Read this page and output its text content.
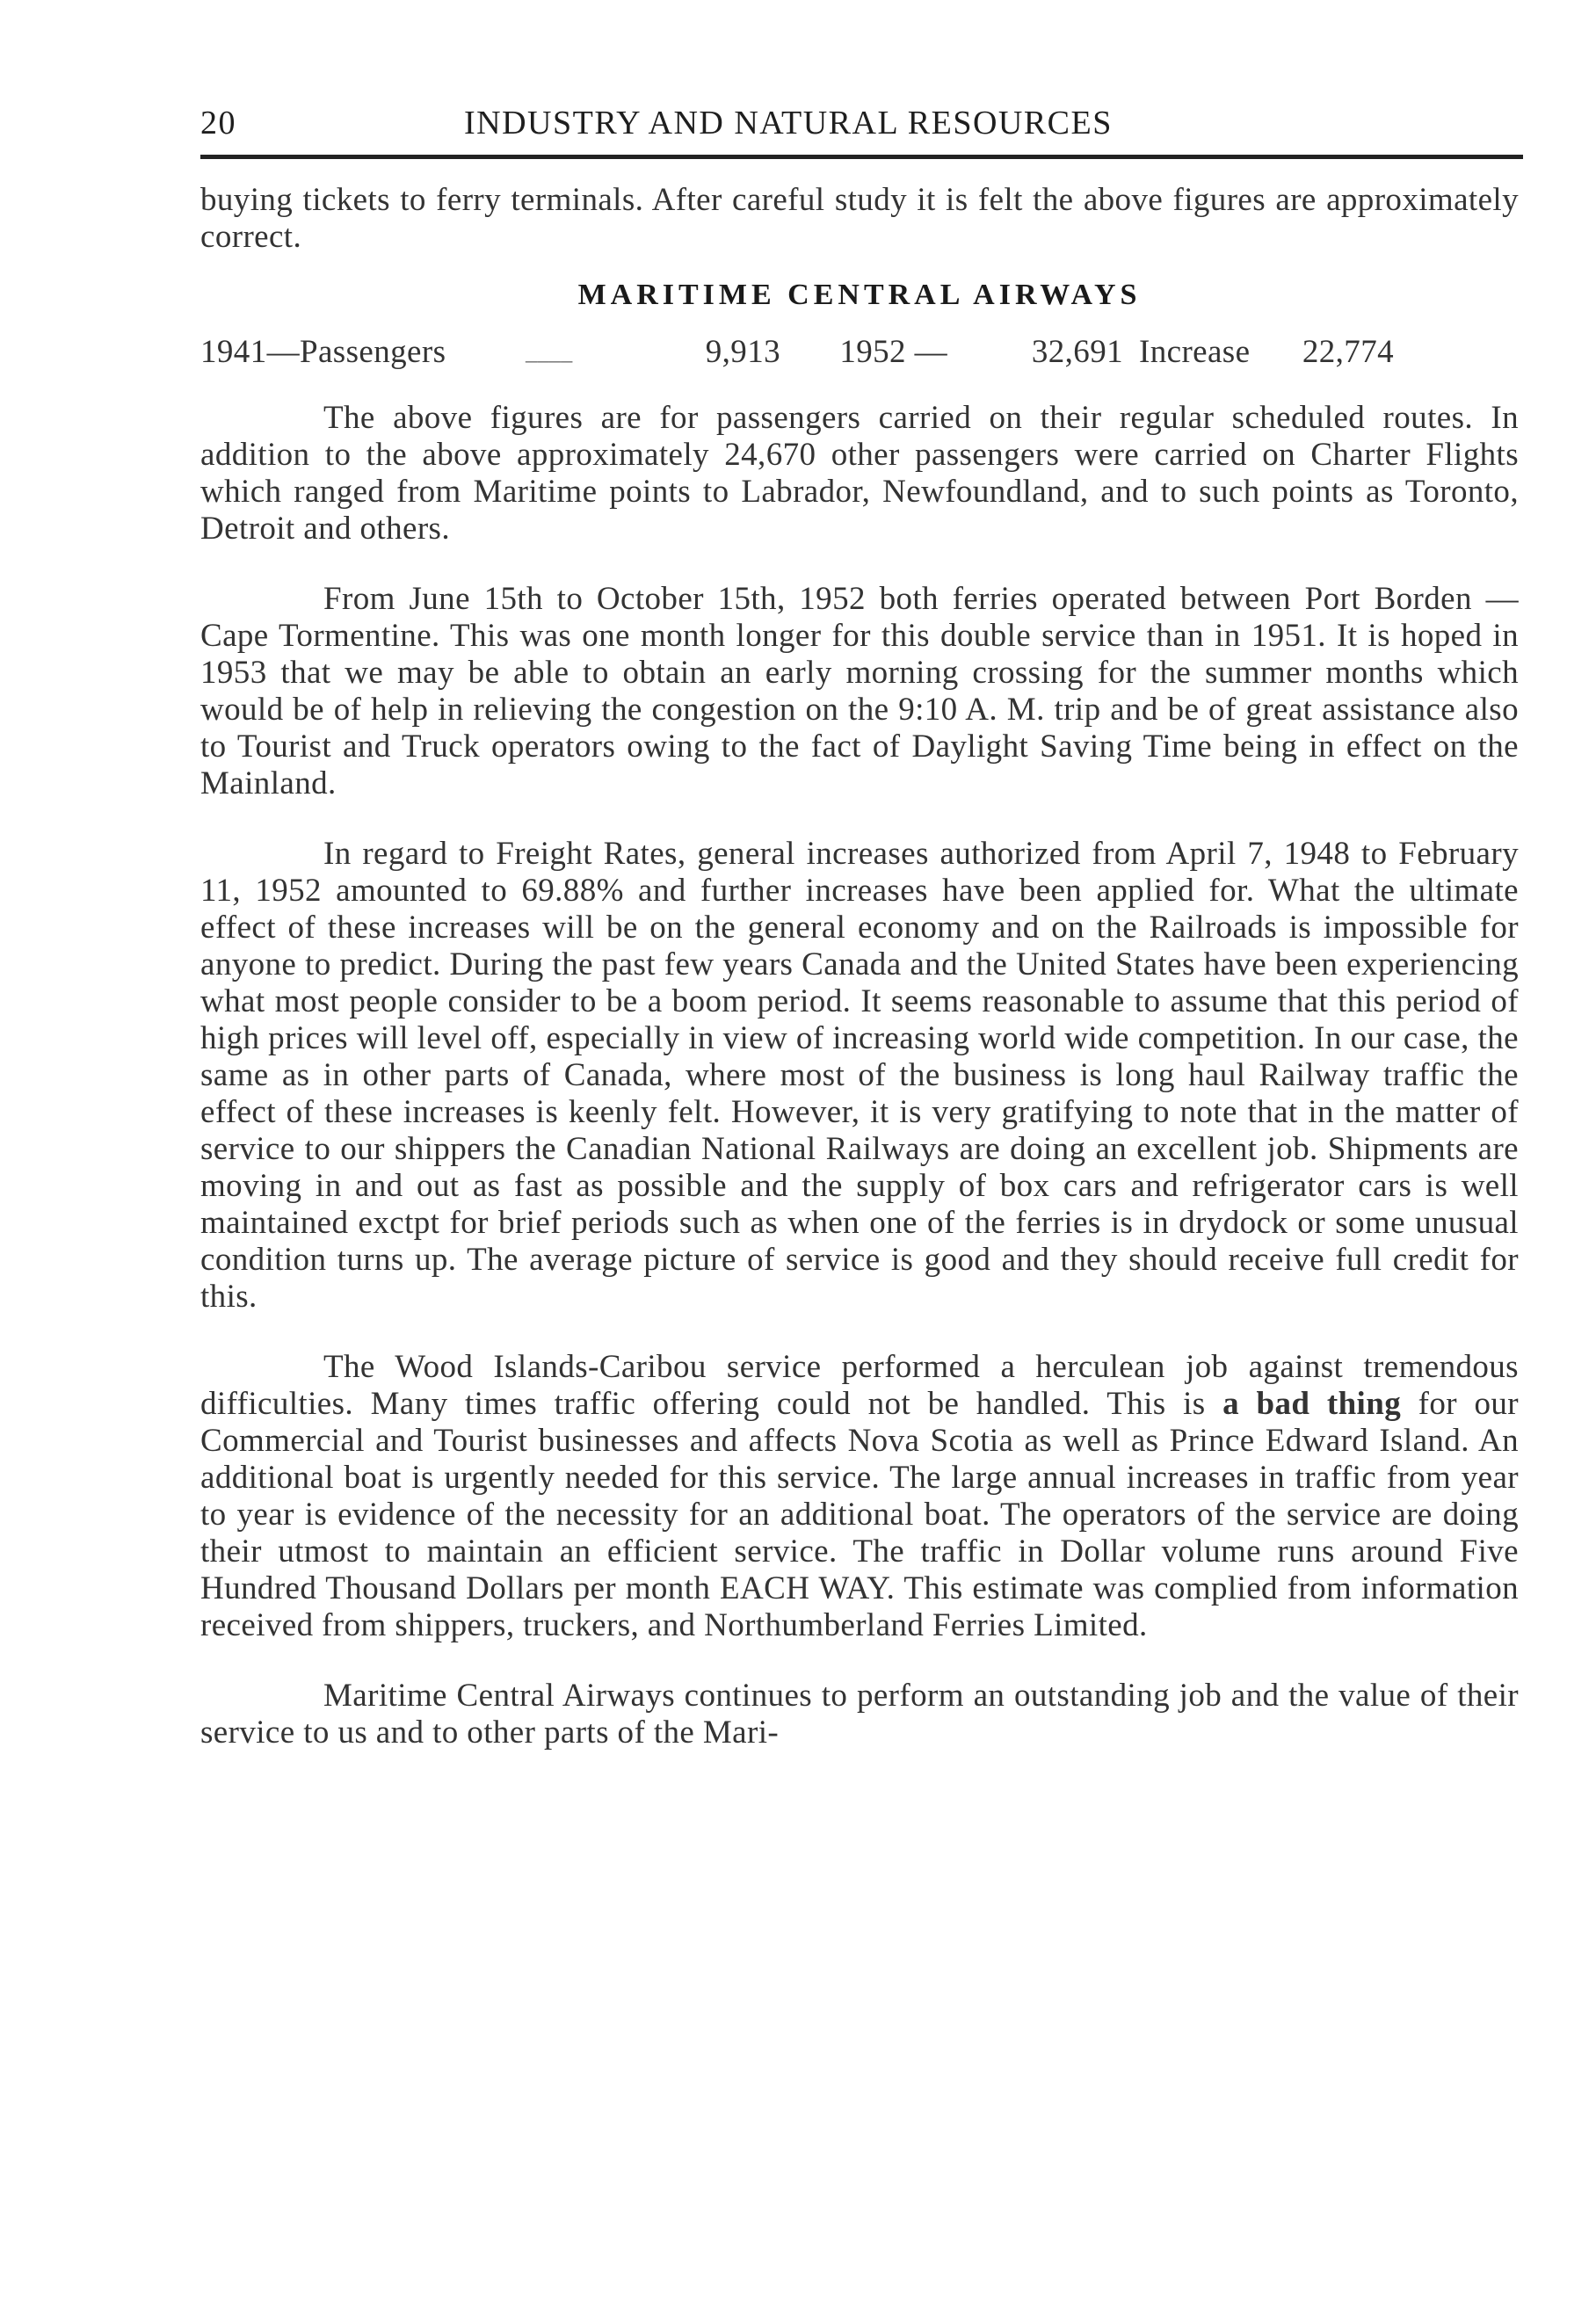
20	INDUSTRY AND NATURAL RESOURCES

buying tickets to ferry terminals. After careful study it is felt the above figures are approximately correct.

MARITIME CENTRAL AIRWAYS
1941—Passengers	____	9,913	1952 —	32,691 Increase	22,774

The above figures are for passengers carried on their regular scheduled routes. In addition to the above approximately 24,670 other passengers were carried on Charter Flights which ranged from Maritime points to Labrador, Newfoundland, and to such points as Toronto, Detroit and others.

From June 15th to October 15th, 1952 both ferries operated between Port Borden — Cape Tormentine. This was one month longer for this double service than in 1951. It is hoped in 1953 that we may be able to obtain an early morning crossing for the summer months which would be of help in relieving the congestion on the 9:10 A. M. trip and be of great assistance also to Tourist and Truck operators owing to the fact of Daylight Saving Time being in effect on the Mainland.

In regard to Freight Rates, general increases authorized from April 7, 1948 to February 11, 1952 amounted to 69.88% and further increases have been applied for. What the ultimate effect of these increases will be on the general economy and on the Railroads is impossible for anyone to predict. During the past few years Canada and the United States have been experiencing what most people consider to be a boom period. It seems reasonable to assume that this period of high prices will level off, especially in view of increasing world wide competition. In our case, the same as in other parts of Canada, where most of the business is long haul Railway traffic the effect of these increases is keenly felt. However, it is very gratifying to note that in the matter of service to our shippers the Canadian National Railways are doing an excellent job. Shipments are moving in and out as fast as possible and the supply of box cars and refrigerator cars is well maintained exctpt for brief periods such as when one of the ferries is in drydock or some unusual condition turns up. The average picture of service is good and they should receive full credit for this.

The Wood Islands-Caribou service performed a herculean job against tremendous difficulties. Many times traffic offering could not be handled. This is a bad thing for our Commercial and Tourist businesses and affects Nova Scotia as well as Prince Edward Island. An additional boat is urgently needed for this service. The large annual increases in traffic from year to year is evidence of the necessity for an additional boat. The operators of the service are doing their utmost to maintain an efficient service. The traffic in Dollar volume runs around Five Hundred Thousand Dollars per month EACH WAY. This estimate was complied from information received from shippers, truckers, and Northumberland Ferries Limited.

Maritime Central Airways continues to perform an outstanding job and the value of their service to us and to other parts of the Mari-
